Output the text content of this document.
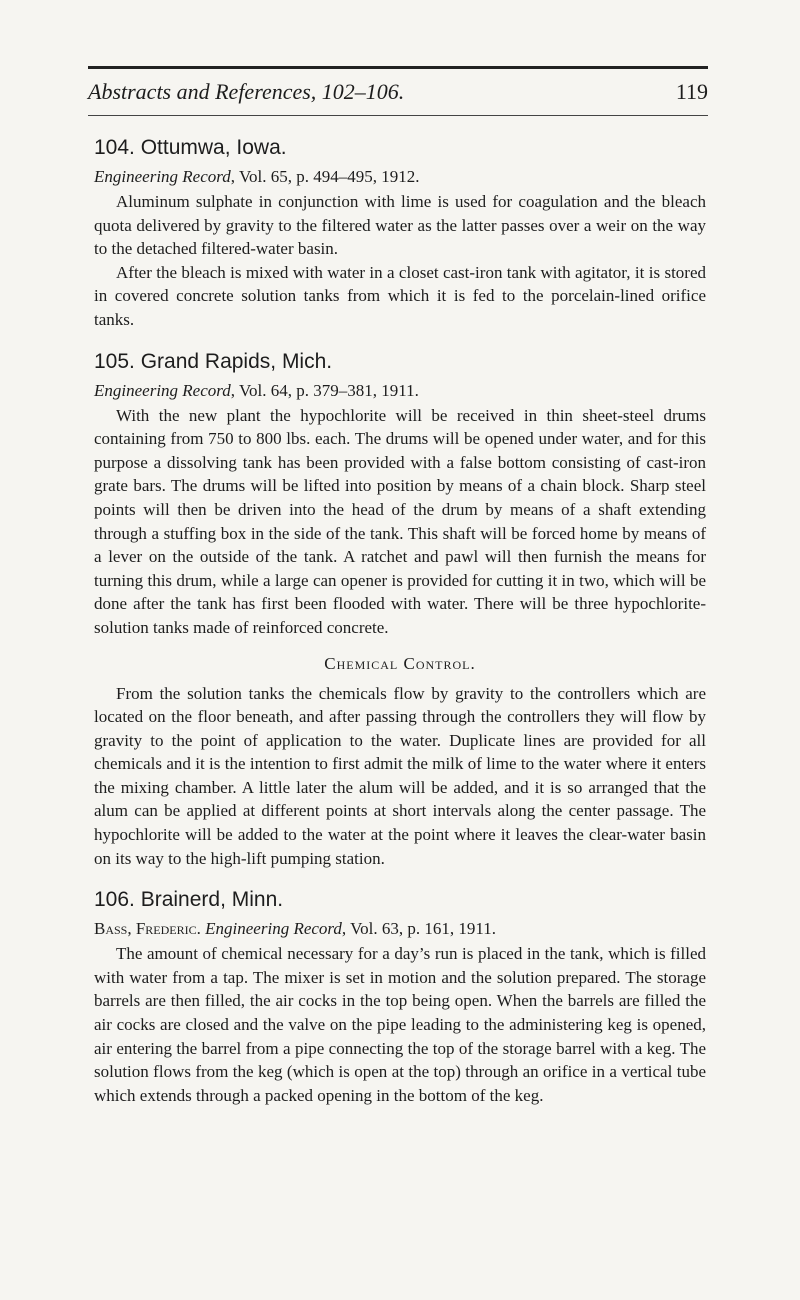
Abstracts and References, 102–106.	119
104. Ottumwa, Iowa.
Engineering Record, Vol. 65, p. 494–495, 1912.

Aluminum sulphate in conjunction with lime is used for coagulation and the bleach quota delivered by gravity to the filtered water as the latter passes over a weir on the way to the detached filtered-water basin.

After the bleach is mixed with water in a closet cast-iron tank with agitator, it is stored in covered concrete solution tanks from which it is fed to the porcelain-lined orifice tanks.

105. Grand Rapids, Mich.
Engineering Record, Vol. 64, p. 379–381, 1911.

With the new plant the hypochlorite will be received in thin sheet-steel drums containing from 750 to 800 lbs. each. The drums will be opened under water, and for this purpose a dissolving tank has been provided with a false bottom consisting of cast-iron grate bars. The drums will be lifted into position by means of a chain block. Sharp steel points will then be driven into the head of the drum by means of a shaft extending through a stuffing box in the side of the tank. This shaft will be forced home by means of a lever on the outside of the tank. A ratchet and pawl will then furnish the means for turning this drum, while a large can opener is provided for cutting it in two, which will be done after the tank has first been flooded with water. There will be three hypochlorite-solution tanks made of reinforced concrete.

Chemical Control.

From the solution tanks the chemicals flow by gravity to the controllers which are located on the floor beneath, and after passing through the controllers they will flow by gravity to the point of application to the water. Duplicate lines are provided for all chemicals and it is the intention to first admit the milk of lime to the water where it enters the mixing chamber. A little later the alum will be added, and it is so arranged that the alum can be applied at different points at short intervals along the center passage. The hypochlorite will be added to the water at the point where it leaves the clear-water basin on its way to the high-lift pumping station.

106. Brainerd, Minn.
Bass, Frederic. Engineering Record, Vol. 63, p. 161, 1911.

The amount of chemical necessary for a day’s run is placed in the tank, which is filled with water from a tap. The mixer is set in motion and the solution prepared. The storage barrels are then filled, the air cocks in the top being open. When the barrels are filled the air cocks are closed and the valve on the pipe leading to the administering keg is opened, air entering the barrel from a pipe connecting the top of the storage barrel with a keg. The solution flows from the keg (which is open at the top) through an orifice in a vertical tube which extends through a packed opening in the bottom of the keg.
